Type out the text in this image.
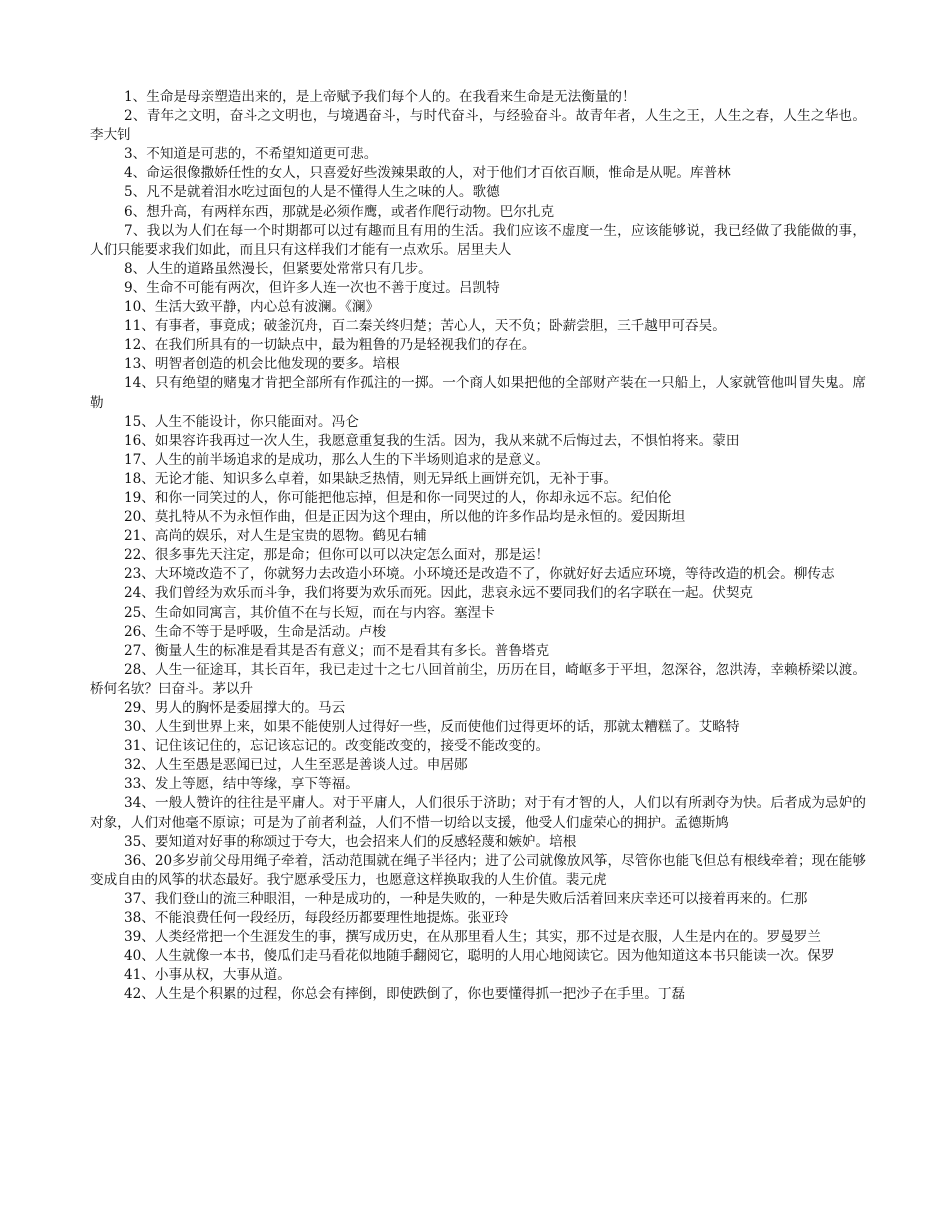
1、生命是母亲塑造出来的，是上帝赋予我们每个人的。在我看来生命是无法衡量的！

2、青年之文明，奋斗之文明也，与境遇奋斗，与时代奋斗，与经验奋斗。故青年者，人生之王，人生之春，人生之华也。李大钊

3、不知道是可悲的，不希望知道更可悲。

4、命运很像撒娇任性的女人，只喜爱好些泼辣果敢的人，对于他们才百依百顺，惟命是从呢。库普林

5、凡不是就着泪水吃过面包的人是不懂得人生之味的人。歌德

6、想升高，有两样东西，那就是必须作鹰，或者作爬行动物。巴尔扎克

7、我以为人们在每一个时期都可以过有趣而且有用的生活。我们应该不虚度一生，应该能够说，我已经做了我能做的事，人们只能要求我们如此，而且只有这样我们才能有一点欢乐。居里夫人

8、人生的道路虽然漫长，但紧要处常常只有几步。

9、生命不可能有两次，但许多人连一次也不善于度过。吕凯特

10、生活大致平静，内心总有波澜。《澜》

11、有事者，事竟成；破釜沉舟，百二秦关终归楚；苦心人，天不负；卧薪尝胆，三千越甲可吞吴。

12、在我们所具有的一切缺点中，最为粗鲁的乃是轻视我们的存在。

13、明智者创造的机会比他发现的要多。培根

14、只有绝望的赌鬼才肯把全部所有作孤注的一掷。一个商人如果把他的全部财产装在一只船上，人家就管他叫冒失鬼。席勒

15、人生不能设计，你只能面对。冯仑

16、如果容许我再过一次人生，我愿意重复我的生活。因为，我从来就不后悔过去，不惧怕将来。蒙田

17、人生的前半场追求的是成功，那么人生的下半场则追求的是意义。

18、无论才能、知识多么卓着，如果缺乏热情，则无异纸上画饼充饥，无补于事。

19、和你一同笑过的人，你可能把他忘掉，但是和你一同哭过的人，你却永远不忘。纪伯伦

20、莫扎特从不为永恒作曲，但是正因为这个理由，所以他的许多作品均是永恒的。爱因斯坦

21、高尚的娱乐，对人生是宝贵的恩物。鹤见右辅

22、很多事先天注定，那是命；但你可以可以决定怎么面对，那是运！

23、大环境改造不了，你就努力去改造小环境。小环境还是改造不了，你就好好去适应环境，等待改造的机会。柳传志

24、我们曾经为欢乐而斗争，我们将要为欢乐而死。因此，悲哀永远不要同我们的名字联在一起。伏契克

25、生命如同寓言，其价值不在与长短，而在与内容。塞涅卡

26、生命不等于是呼吸，生命是活动。卢梭

27、衡量人生的标准是看其是否有意义；而不是看其有多长。普鲁塔克

28、人生一征途耳，其长百年，我已走过十之七八回首前尘，历历在目，崎岖多于平坦，忽深谷，忽洪涛，幸赖桥梁以渡。桥何名欤？曰奋斗。茅以升

29、男人的胸怀是委屈撑大的。马云

30、人生到世界上来，如果不能使别人过得好一些，反而使他们过得更坏的话，那就太糟糕了。艾略特

31、记住该记住的，忘记该忘记的。改变能改变的，接受不能改变的。

32、人生至愚是恶闻已过，人生至恶是善谈人过。申居郧

33、发上等愿，结中等缘，享下等福。

34、一般人赞许的往往是平庸人。对于平庸人，人们很乐于济助；对于有才智的人，人们以有所剥夺为快。后者成为忌妒的对象，人们对他毫不原谅；可是为了前者利益，人们不惜一切给以支援，他受人们虚荣心的拥护。孟德斯鸠

35、要知道对好事的称颂过于夸大，也会招来人们的反感轻蔑和嫉妒。培根

36、20多岁前父母用绳子牵着，活动范围就在绳子半径内；进了公司就像放风筝，尽管你也能飞但总有根线牵着；现在能够变成自由的风筝的状态最好。我宁愿承受压力，也愿意这样换取我的人生价值。裴元虎

37、我们登山的流三种眼泪，一种是成功的，一种是失败的，一种是失败后活着回来庆幸还可以接着再来的。仁那

38、不能浪费任何一段经历，每段经历都要理性地提炼。张亚玲

39、人类经常把一个生涯发生的事，撰写成历史，在从那里看人生；其实，那不过是衣服，人生是内在的。罗曼罗兰

40、人生就像一本书，傻瓜们走马看花似地随手翻阅它，聪明的人用心地阅读它。因为他知道这本书只能读一次。保罗

41、小事从权，大事从道。

42、人生是个积累的过程，你总会有摔倒，即使跌倒了，你也要懂得抓一把沙子在手里。丁磊
